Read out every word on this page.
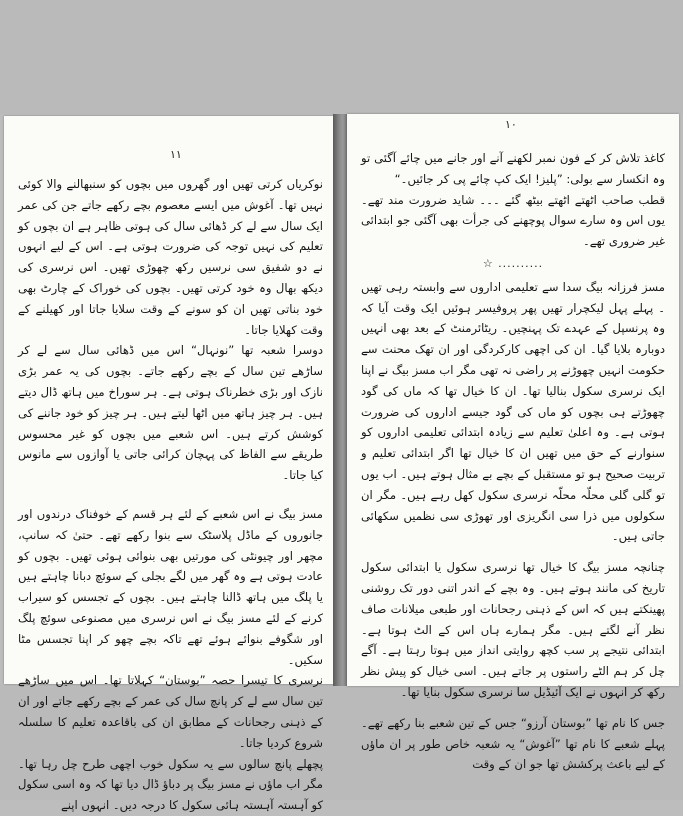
۱۱

نوکریاں کرتی تھیں اور گھروں میں بچوں کو سنبھالنے والا کوئی نہیں تھا۔ آغوش میں ایسے معصوم بچے رکھے جاتے جن کی عمر ایک سال سے لے کر ڈھائی سال کی ہوتی ظاہر ہے ان بچوں کو تعلیم کی نہیں توجہ کی ضرورت ہوتی ہے۔ اس کے لیے انہوں نے دو شفیق سی نرسیں رکھ چھوڑی تھیں۔ اس نرسری کی دیکھ بھال وہ خود کرتی تھیں۔ بچوں کی خوراک کے چارٹ بھی خود بناتی تھیں ان کو سونے کے وقت سلایا جاتا اور کھیلنے کے وقت کھلایا جاتا۔

دوسرا شعبہ تھا ”نونہال“ اس میں ڈھائی سال سے لے کر ساڑھے تین سال کے بچے رکھے جاتے۔ بچوں کی یہ عمر بڑی نازک اور بڑی خطرناک ہوتی ہے۔ ہر سوراخ میں ہاتھ ڈال دیتے ہیں۔ ہر چیز ہاتھ میں اٹھا لیتے ہیں۔ ہر چیز کو خود جاننے کی کوشش کرتے ہیں۔ اس شعبے میں بچوں کو غیر محسوس طریقے سے الفاظ کی پہچان کرائی جاتی یا آوازوں سے مانوس کیا جاتا۔

مسز بیگ نے اس شعبے کے لئے ہر قسم کے خوفناک درندوں اور جانوروں کے ماڈل پلاسٹک سے بنوا رکھے تھے۔ حتیٰ کہ سانپ، مچھر اور چیونٹی کی مورتیں بھی بنوائی ہوئی تھیں۔ بچوں کو عادت ہوتی ہے وہ گھر میں لگے بجلی کے سوئچ دبانا چاہتے ہیں یا پلگ میں ہاتھ ڈالنا چاہتے ہیں۔ بچوں کے تجسس کو سیراب کرنے کے لئے مسز بیگ نے اس نرسری میں مصنوعی سوئچ پلگ اور شگوفے بنوائے ہوئے تھے تاکہ بچے چھو کر اپنا تجسس مٹا سکیں۔

نرسری کا تیسرا حصہ ”بوستان“ کہلاتا تھا۔ اس میں ساڑھے تین سال سے لے کر پانچ سال کی عمر کے بچے رکھے جاتے اور ان کے ذہنی رجحانات کے مطابق ان کی باقاعدہ تعلیم کا سلسلہ شروع کردیا جاتا۔

پچھلے پانچ سالوں سے یہ سکول خوب اچھی طرح چل رہا تھا۔ مگر اب ماؤں نے مسز بیگ پر دباؤ ڈال دیا تھا کہ وہ اسی سکول کو آہستہ آہستہ ہائی سکول کا درجہ دیں۔ انہوں اپنے

۱۰

کاغذ تلاش کر کے فون نمبر لکھنے آنے اور جانے میں چائے آگئی تو وہ انکسار سے بولی: ”پلیز! ایک کپ چائے پی کر جائیں۔“

قطب صاحب اٹھتے اٹھتے بیٹھ گئے ۔۔۔ شاید ضرورت مند تھے۔ یوں اس وہ سارے سوال پوچھنے کی جرأت بھی آگئی جو ابتدائی غیر ضروری تھے۔

☆ ..........

مسز فرزانہ بیگ سدا سے تعلیمی اداروں سے وابستہ رہی تھیں ۔ پہلے پہل لیکچرار تھیں پھر پروفیسر ہوئیں ایک وقت آیا کہ وہ پرنسپل کے عہدے تک پہنچیں۔ ریٹائرمنٹ کے بعد بھی انہیں دوبارہ بلایا گیا۔ ان کی اچھی کارکردگی اور ان تھک محنت سے حکومت انہیں چھوڑنے پر راضی نہ تھی مگر اب مسز بیگ نے اپنا ایک نرسری سکول بنالیا تھا۔ ان کا خیال تھا کہ ماں کی گود چھوڑتے ہی بچوں کو ماں کی گود جیسے اداروں کی ضرورت ہوتی ہے۔ وہ اعلیٰ تعلیم سے زیادہ ابتدائی تعلیمی اداروں کو سنوارنے کے حق میں تھیں ان کا خیال تھا اگر ابتدائی تعلیم و تربیت صحیح ہو تو مستقبل کے بچے بے مثال ہوتے ہیں۔ اب یوں تو گلی گلی محلّہ محلّہ نرسری سکول کھل رہے ہیں۔ مگر ان سکولوں میں ذرا سی انگریزی اور تھوڑی سی نظمیں سکھائی جاتی ہیں۔

چنانچہ مسز بیگ کا خیال تھا نرسری سکول یا ابتدائی سکول تاریخ کی مانند ہوتے ہیں۔ وہ بچے کے اندر اتنی دور تک روشنی پھینکتے ہیں کہ اس کے ذہنی رجحانات اور طبعی میلانات صاف نظر آنے لگتے ہیں۔ مگر ہمارے ہاں اس کے الٹ ہوتا ہے۔ ابتدائی نتیجے پر سب کچھ روایتی انداز میں ہوتا رہتا ہے۔ آگے چل کر ہم الٹے راستوں پر جاتے ہیں۔ اسی خیال کو پیش نظر رکھ کر انہوں نے ایک آئیڈیل سا نرسری سکول بنایا تھا۔

جس کا نام تھا ”بوستان آرزو“ جس کے تین شعبے بنا رکھے تھے۔ پہلے شعبے کا نام تھا ”آغوش“ یہ شعبہ خاص طور پر ان ماؤں کے لیے باعث پرکشش تھا جو ان کے وقت
